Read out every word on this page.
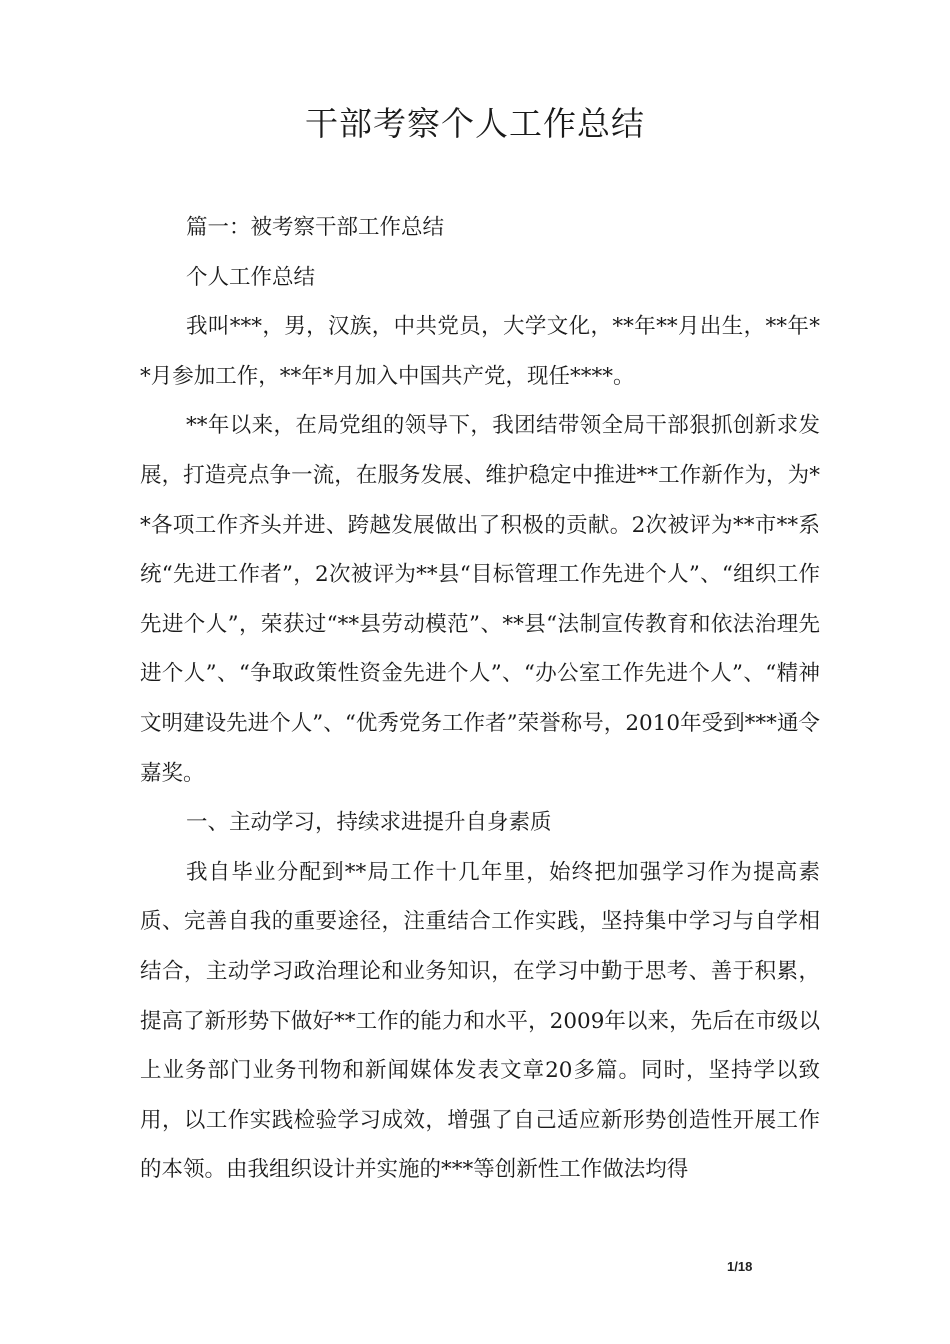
干部考察个人工作总结

篇一：被考察干部工作总结

个人工作总结

我叫***，男，汉族，中共党员，大学文化，**年**月出生，**年**月参加工作，**年*月加入中国共产党，现任****。

**年以来，在局党组的领导下，我团结带领全局干部狠抓创新求发展，打造亮点争一流，在服务发展、维护稳定中推进**工作新作为，为**各项工作齐头并进、跨越发展做出了积极的贡献。2次被评为**市**系统“先进工作者”，2次被评为**县“目标管理工作先进个人”、“组织工作先进个人”，荣获过“**县劳动模范”、**县“法制宣传教育和依法治理先进个人”、“争取政策性资金先进个人”、“办公室工作先进个人”、“精神文明建设先进个人”、“优秀党务工作者”荣誉称号，2010年受到***通令嘉奖。

一、主动学习，持续求进提升自身素质

我自毕业分配到**局工作十几年里，始终把加强学习作为提高素质、完善自我的重要途径，注重结合工作实践，坚持集中学习与自学相结合，主动学习政治理论和业务知识，在学习中勤于思考、善于积累，提高了新形势下做好**工作的能力和水平，2009年以来，先后在市级以上业务部门业务刊物和新闻媒体发表文章20多篇。同时，坚持学以致用，以工作实践检验学习成效，增强了自己适应新形势创造性开展工作的本领。由我组织设计并实施的***等创新性工作做法均得

1/18
